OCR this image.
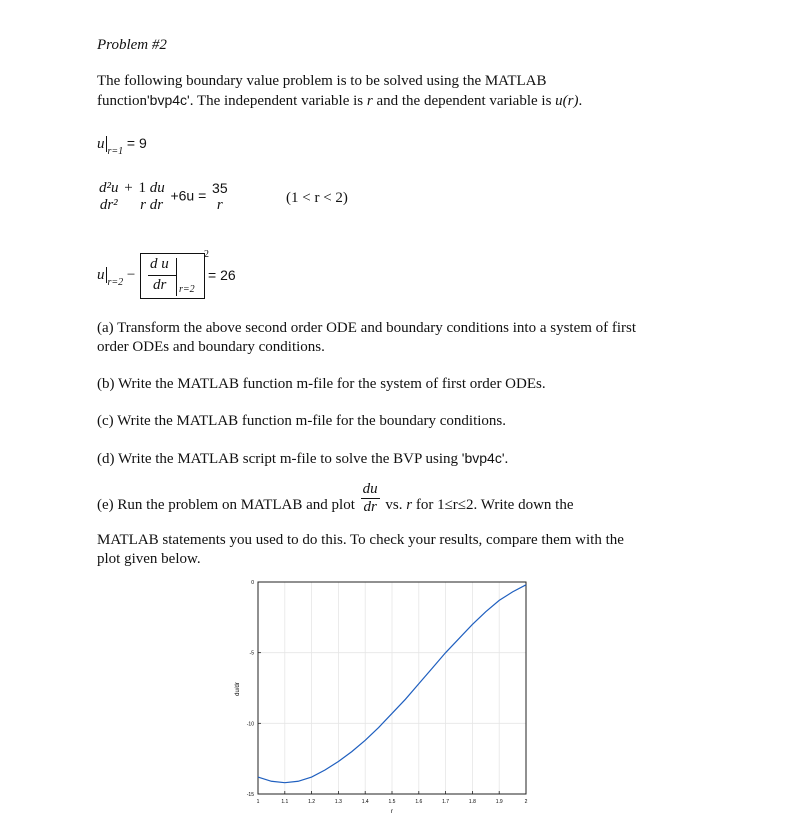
Problem #2
The following boundary value problem is to be solved using the MATLAB
function'bvp4c'. The independent variable is r and the dependent variable is u(r).
u $_{r=1}$ = 9
d²u
dr²
+ 1 du
r dr
+6u = 35
r	(1 < r < 2)
u $_{r=2}$ −
d u
dr r=2
2
= 26
(a) Transform the above second order ODE and boundary conditions into a system of first
order ODEs and boundary conditions.
(b) Write the MATLAB function m-file for the system of first order ODEs.
(c) Write the MATLAB function m-file for the boundary conditions.
(d) Write the MATLAB script m-file to solve the BVP using 'bvp4c'.
(e) Run the problem on MATLAB and plot $\frac{du}{dr}$ vs. r for 1≤r≤2. Write down the
MATLAB statements you used to do this. To check your results, compare them with the
plot given below.
1	1.1	1.2	1.3	1.4	1.5	1.6	1.7	1.8	1.9	2
0
-5
-10
-15
r
du/dr
